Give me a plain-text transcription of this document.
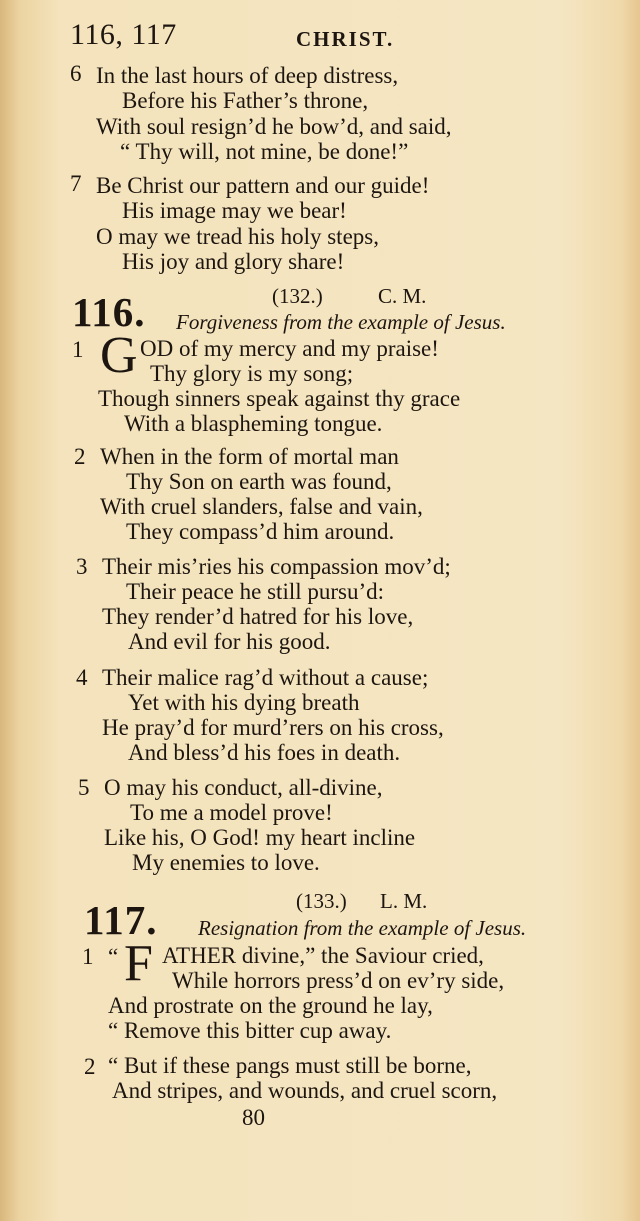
116, 117	CHRIST.
6 In the last hours of deep distress,
Before his Father’s throne,
With soul resign’d he bow’d, and said,
“ Thy will, not mine, be done!”
7 Be Christ our pattern and our guide!
His image may we bear!
O may we tread his holy steps,
His joy and glory share!
116.	(132.)	C. M.
Forgiveness from the example of Jesus.
1 G OD of my mercy and my praise!
Thy glory is my song;
Though sinners speak against thy grace
With a blaspheming tongue.
2 When in the form of mortal man
Thy Son on earth was found,
With cruel slanders, false and vain,
They compass’d him around.
3 Their mis’ries his compassion mov’d;
Their peace he still pursu’d:
They render’d hatred for his love,
And evil for his good.
4 Their malice rag’d without a cause;
Yet with his dying breath
He pray’d for murd’rers on his cross,
And bless’d his foes in death.
5 O may his conduct, all-divine,
To me a model prove!
Like his, O God! my heart incline
My enemies to love.
117.	(133.) L. M.
Resignation from the example of Jesus.
1 “ F ATHER divine,” the Saviour cried,
While horrors press’d on ev’ry side,
And prostrate on the ground he lay,
“ Remove this bitter cup away.
2 “ But if these pangs must still be borne,
And stripes, and wounds, and cruel scorn,
80
